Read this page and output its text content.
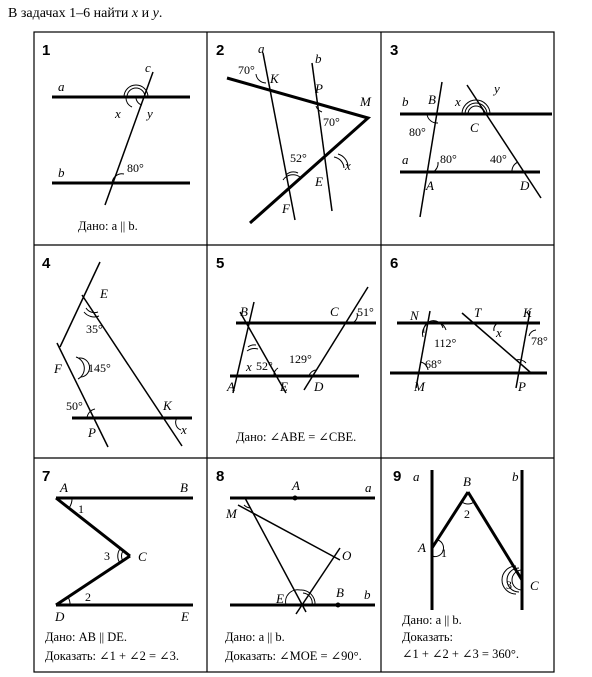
В задачах 1–6 найти x и y.
1
a
b
c
x y
80°
Дано: a || b.
2	a
b
70°
K
P
M
70°
52°	x
E
F
3
b
a
B x
y
C
80°
80°	40°
A	D
4
E
35°
F 145°
50°	K
P	x
5
B	C 51°
x 52° 129°
A	E D
Дано: ∠ABE = ∠CBE.
6
N	T	K
x
78°
112°
68°
M	P
7
A	B
1
3 C
2
D	E
Дано: AB || DE.
Доказать: ∠1 + ∠2 = ∠3.
8
A	a
M
O
E	B b
Дано: a || b.
Доказать: ∠MOE = ∠90°.
9 a	b
B
2
A 1
3 C
Дано: a || b.
Доказать:
∠1 + ∠2 + ∠3 = 360°.
